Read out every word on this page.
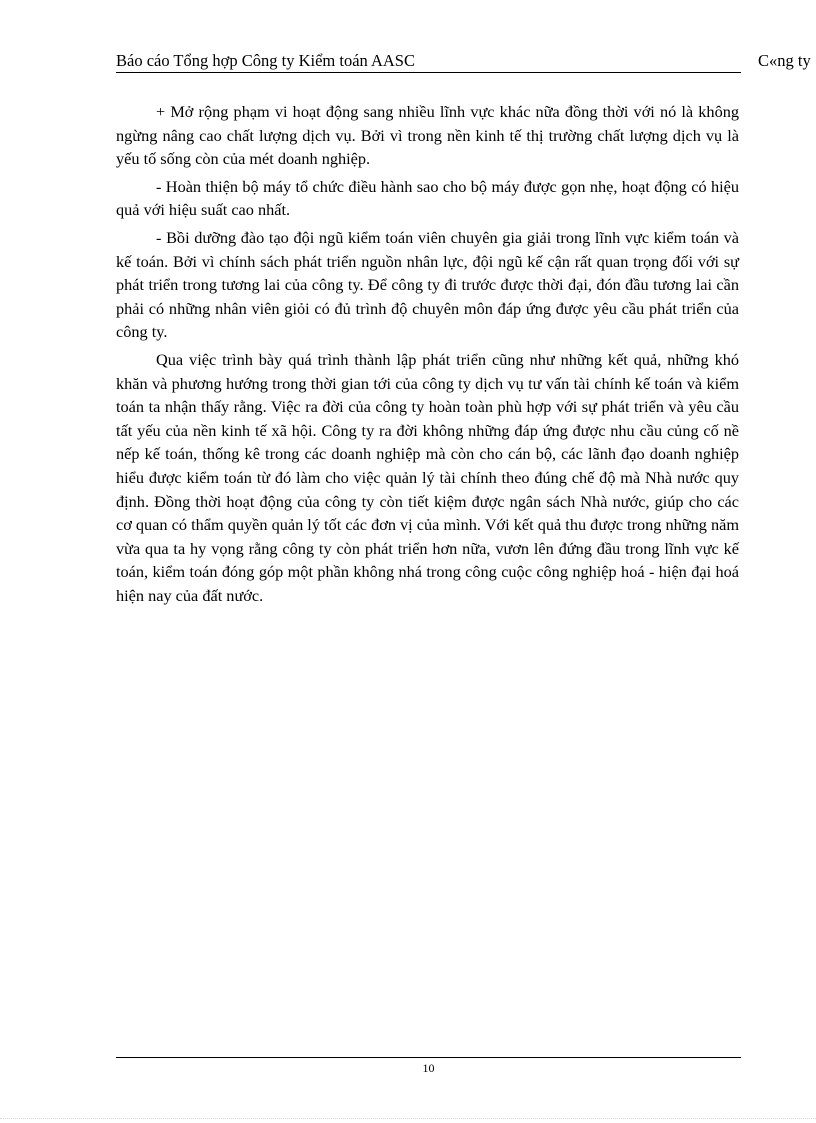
Báo cáo Tổng hợp Công ty Kiểm toán AASC	C«ng ty

+ Mở rộng phạm vi hoạt động sang nhiều lĩnh vực khác nữa đồng thời với nó là không ngừng nâng cao chất lượng dịch vụ. Bởi vì trong nền kinh tế thị trường chất lượng dịch vụ là yếu tố sống còn của mét doanh nghiệp.

- Hoàn thiện bộ máy tổ chức điều hành sao cho bộ máy được gọn nhẹ, hoạt động có hiệu quả với hiệu suất cao nhất.

- Bồi dưỡng đào tạo đội ngũ kiểm toán viên chuyên gia giải trong lĩnh vực kiểm toán và kế toán. Bởi vì chính sách phát triển nguồn nhân lực, đội ngũ kế cận rất quan trọng đối với sự phát triển trong tương lai của công ty. Để công ty đi trước được thời đại, đón đầu tương lai cần phải có những nhân viên giỏi có đủ trình độ chuyên môn đáp ứng được yêu cầu phát triển của công ty.

Qua việc trình bày quá trình thành lập phát triển cũng như những kết quả, những khó khăn và phương hướng trong thời gian tới của công ty dịch vụ tư vấn tài chính kế toán và kiểm toán ta nhận thấy rằng. Việc ra đời của công ty hoàn toàn phù hợp với sự phát triển và yêu cầu tất yếu của nền kinh tế xã hội. Công ty ra đời không những đáp ứng được nhu cầu củng cố nề nếp kế toán, thống kê trong các doanh nghiệp mà còn cho cán bộ, các lãnh đạo doanh nghiệp hiểu được kiểm toán từ đó làm cho việc quản lý tài chính theo đúng chế độ mà Nhà nước quy định. Đồng thời hoạt động của công ty còn tiết kiệm được ngân sách Nhà nước, giúp cho các cơ quan có thẩm quyền quản lý tốt các đơn vị của mình. Với kết quả thu được trong những năm vừa qua ta hy vọng rằng công ty còn phát triển hơn nữa, vươn lên đứng đầu trong lĩnh vực kế toán, kiểm toán đóng góp một phần không nhá trong công cuộc công nghiệp hoá - hiện đại hoá hiện nay của đất nước.

10
